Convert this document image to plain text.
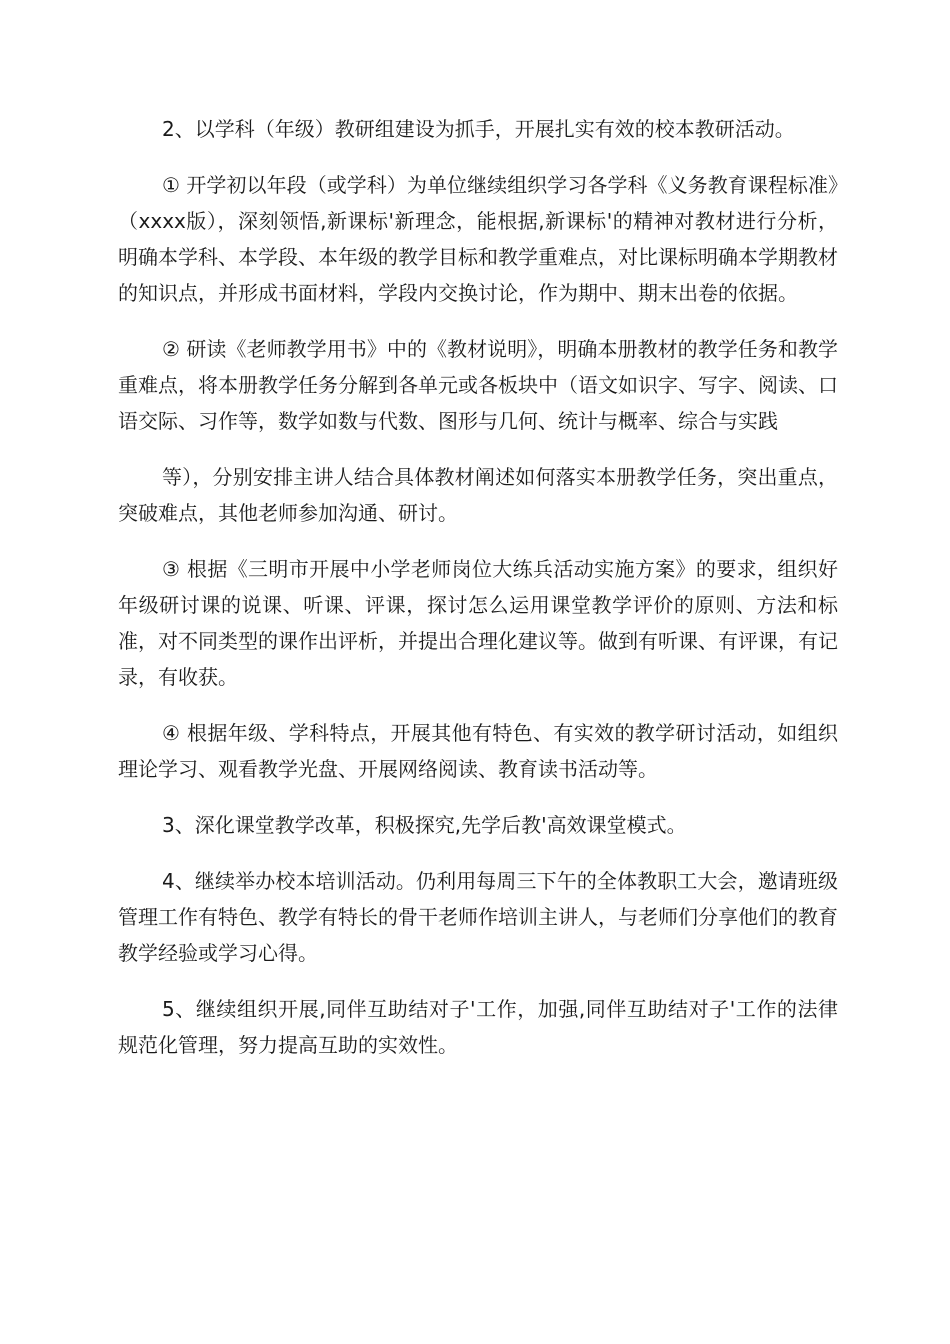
2、以学科（年级）教研组建设为抓手，开展扎实有效的校本教研活动。

① 开学初以年段（或学科）为单位继续组织学习各学科《义务教育课程标准》（xxxx版），深刻领悟,新课标'新理念，能根据,新课标'的精神对教材进行分析，明确本学科、本学段、本年级的教学目标和教学重难点，对比课标明确本学期教材的知识点，并形成书面材料，学段内交换讨论，作为期中、期末出卷的依据。

② 研读《老师教学用书》中的《教材说明》，明确本册教材的教学任务和教学重难点，将本册教学任务分解到各单元或各板块中（语文如识字、写字、阅读、口语交际、习作等，数学如数与代数、图形与几何、统计与概率、综合与实践

等），分别安排主讲人结合具体教材阐述如何落实本册教学任务，突出重点，突破难点，其他老师参加沟通、研讨。

③ 根据《三明市开展中小学老师岗位大练兵活动实施方案》的要求，组织好年级研讨课的说课、听课、评课，探讨怎么运用课堂教学评价的原则、方法和标准，对不同类型的课作出评析，并提出合理化建议等。做到有听课、有评课，有记录，有收获。

④ 根据年级、学科特点，开展其他有特色、有实效的教学研讨活动，如组织理论学习、观看教学光盘、开展网络阅读、教育读书活动等。

3、深化课堂教学改革，积极探究,先学后教'高效课堂模式。

4、继续举办校本培训活动。仍利用每周三下午的全体教职工大会，邀请班级管理工作有特色、教学有特长的骨干老师作培训主讲人，与老师们分享他们的教育教学经验或学习心得。

5、继续组织开展,同伴互助结对子'工作，加强,同伴互助结对子'工作的法律规范化管理，努力提高互助的实效性。
